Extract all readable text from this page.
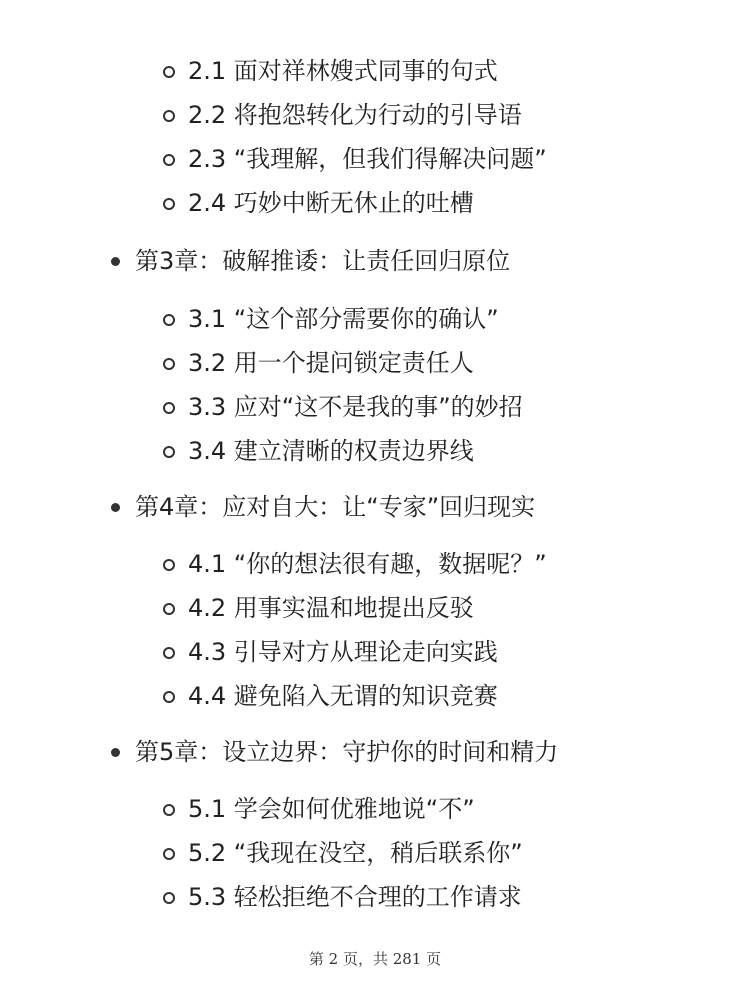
2.1 面对祥林嫂式同事的句式
2.2 将抱怨转化为行动的引导语
2.3 “我理解，但我们得解决问题”
2.4 巧妙中断无休止的吐槽
第3章：破解推诿：让责任回归原位
3.1 “这个部分需要你的确认”
3.2 用一个提问锁定责任人
3.3 应对“这不是我的事”的妙招
3.4 建立清晰的权责边界线
第4章：应对自大：让“专家”回归现实
4.1 “你的想法很有趣，数据呢？”
4.2 用事实温和地提出反驳
4.3 引导对方从理论走向实践
4.4 避免陷入无谓的知识竞赛
第5章：设立边界：守护你的时间和精力
5.1 学会如何优雅地说“不”
5.2 “我现在没空，稍后联系你”
5.3 轻松拒绝不合理的工作请求
第 2 页，共 281 页
